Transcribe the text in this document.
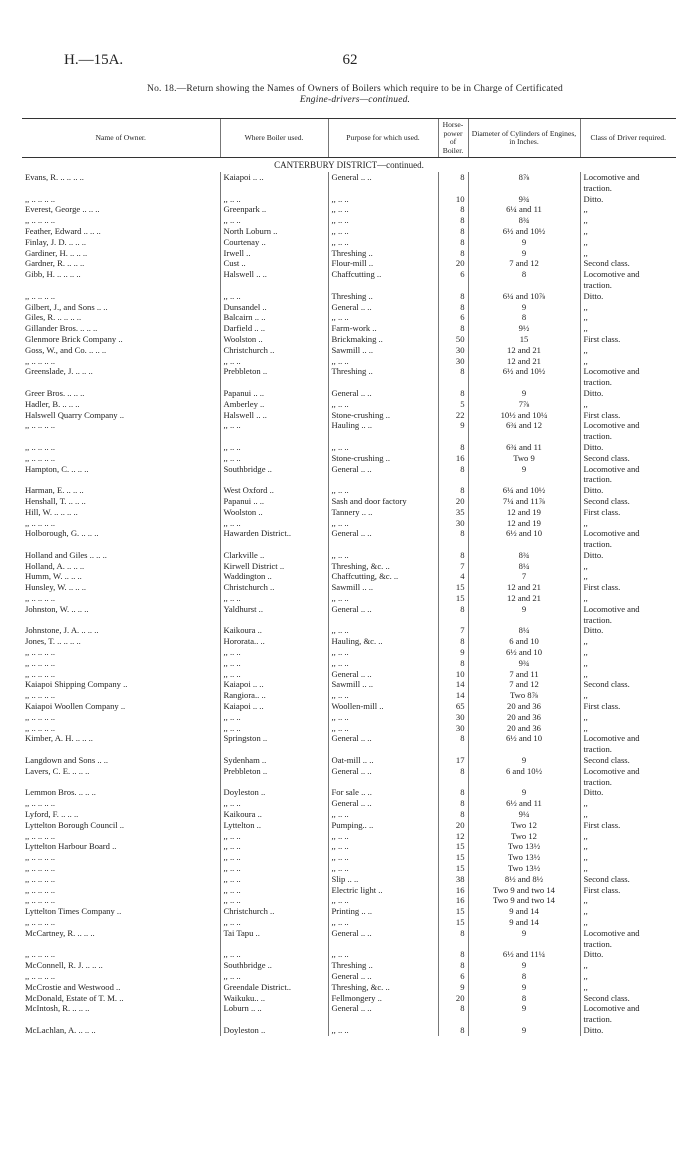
H.—15A.	62
No. 18.—Return showing the Names of Owners of Boilers which require to be in Charge of Certificated
Engine-drivers—continued.
Name of Owner.	Where Boiler used.	Purpose for which used.	Horse-power of Boiler.	Diameter of Cylinders of Engines, in Inches.	Class of Driver required.
CANTERBURY DISTRICT—continued.					
Evans, R. .. .. .. ..	Kaiapoi .. ..	General .. ..	8	8⅞	Locomotive and
					traction.
,, .. .. .. ..	,, .. ..	,, .. ..	10	9¾	Ditto.
Everest, George .. .. ..	Greenpark ..	,, .. ..	8	6¼ and 11	,,
,, .. .. .. ..	,, .. ..	,, .. ..	8	8¾	,,
Feather, Edward .. .. ..	North Loburn ..	,, .. ..	8	6½ and 10½	,,
Finlay, J. D. .. .. ..	Courtenay ..	,, .. ..	8	9	,,
Gardiner, H. .. .. ..	Irwell ..	Threshing ..	8	9	,,
Gardner, R. .. .. ..	Cust ..	Flour-mill ..	20	7 and 12	Second class.
Gibb, H. .. .. .. ..	Halswell .. ..	Chaffcutting ..	6	8	Locomotive and
					traction.
,, .. .. .. ..	,, .. ..	Threshing ..	8	6¼ and 10⅞	Ditto.
Gilbert, J., and Sons .. ..	Dunsandel ..	General .. ..	8	9	,,
Giles, R. .. .. .. ..	Balcairn .. ..	,, .. ..	6	8	,,
Gillander Bros. .. .. ..	Darfield .. ..	Farm-work ..	8	9½	,,
Glenmore Brick Company ..	Woolston ..	Brickmaking ..	50	15	First class.
Goss, W., and Co. .. .. ..	Christchurch ..	Sawmill .. ..	30	12 and 21	,,
,, .. .. .. ..	,, .. ..	,, .. ..	30	12 and 21	,,
Greenslade, J. .. .. ..	Prebbleton ..	Threshing ..	8	6½ and 10½	Locomotive and
					traction.
Greer Bros. .. .. ..	Papanui .. ..	General .. ..	8	9	Ditto.
Hadler, B. .. .. ..	Amberley ..	,, .. ..	5	7⅞	,,
Halswell Quarry Company ..	Halswell .. ..	Stone-crushing ..	22	10½ and 10¼	First class.
,, .. .. .. ..	,, .. ..	Hauling .. ..	9	6¾ and 12	Locomotive and
					traction.
,, .. .. .. ..	,, .. ..	,, .. ..	8	6¾ and 11	Ditto.
,, .. .. .. ..	,, .. ..	Stone-crushing ..	16	Two 9	Second class.
Hampton, C. .. .. ..	Southbridge ..	General .. ..	8	9	Locomotive and
					traction.
Harman, E. .. .. ..	West Oxford ..	,, .. ..	8	6¼ and 10½	Ditto.
Henshall, T. .. .. ..	Papanui .. ..	Sash and door factory	20	7¼ and 11⅞	Second class.
Hill, W. .. .. .. ..	Woolston ..	Tannery .. ..	35	12 and 19	First class.
,, .. .. .. ..	,, .. ..	,, .. ..	30	12 and 19	,,
Holborough, G. .. .. ..	Hawarden District..	General .. ..	8	6½ and 10	Locomotive and
					traction.
Holland and Giles .. .. ..	Clarkville ..	,, .. ..	8	8¾	Ditto.
Holland, A. .. .. ..	Kirwell District ..	Threshing, &c. ..	7	8¼	,,
Humm, W. .. .. ..	Waddington ..	Chaffcutting, &c. ..	4	7	,,
Hunsley, W. .. .. ..	Christchurch ..	Sawmill .. ..	15	12 and 21	First class.
,, .. .. .. ..	,, .. ..	,, .. ..	15	12 and 21	,,
Johnston, W. .. .. ..	Yaldhurst ..	General .. ..	8	9	Locomotive and
					traction.
Johnstone, J. A. .. .. ..	Kaikoura ..	,, .. ..	7	8¼	Ditto.
Jones, T. .. .. .. ..	Hororata.. ..	Hauling, &c. ..	8	6 and 10	,,
,, .. .. .. ..	,, .. ..	,, .. ..	9	6½ and 10	,,
,, .. .. .. ..	,, .. ..	,, .. ..	8	9¾	,,
,, .. .. .. ..	,, .. ..	General .. ..	10	7 and 11	,,
Kaiapoi Shipping Company ..	Kaiapoi .. ..	Sawmill .. ..	14	7 and 12	Second class.
,, .. .. .. ..	Rangiora.. ..	,, .. ..	14	Two 8⅞	,,
Kaiapoi Woollen Company ..	Kaiapoi .. ..	Woollen-mill ..	65	20 and 36	First class.
,, .. .. .. ..	,, .. ..	,, .. ..	30	20 and 36	,,
,, .. .. .. ..	,, .. ..	,, .. ..	30	20 and 36	,,
Kimber, A. H. .. .. ..	Springston ..	General .. ..	8	6½ and 10	Locomotive and
					traction.
Langdown and Sons .. ..	Sydenham ..	Oat-mill .. ..	17	9	Second class.
Lavers, C. E. .. .. ..	Prebbleton ..	General .. ..	8	6 and 10½	Locomotive and
					traction.
Lemmon Bros. .. .. ..	Doyleston ..	For sale .. ..	8	9	Ditto.
,, .. .. .. ..	,, .. ..	General .. ..	8	6½ and 11	,,
Lyford, F. .. .. ..	Kaikoura ..	,, .. ..	8	9¼	,,
Lyttelton Borough Council ..	Lyttelton ..	Pumping.. ..	20	Two 12	First class.
,, .. .. .. ..	,, .. ..	,, .. ..	12	Two 12	,,
Lyttelton Harbour Board ..	,, .. ..	,, .. ..	15	Two 13½	,,
,, .. .. .. ..	,, .. ..	,, .. ..	15	Two 13½	,,
,, .. .. .. ..	,, .. ..	,, .. ..	15	Two 13½	,,
,, .. .. .. ..	,, .. ..	Slip .. ..	38	8½ and 8½	Second class.
,, .. .. .. ..	,, .. ..	Electric light ..	16	Two 9 and two 14	First class.
,, .. .. .. ..	,, .. ..	,, .. ..	16	Two 9 and two 14	,,
Lyttelton Times Company ..	Christchurch ..	Printing .. ..	15	9 and 14	,,
,, .. .. .. ..	,, .. ..	,, .. ..	15	9 and 14	,,
McCartney, R. .. .. ..	Tai Tapu ..	General .. ..	8	9	Locomotive and
					traction.
,, .. .. .. ..	,, .. ..	,, .. ..	8	6½ and 11¼	Ditto.
McConnell, R. J. .. .. ..	Southbridge ..	Threshing ..	8	9	,,
,, .. .. .. ..	,, .. ..	General .. ..	6	8	,,
McCrostie and Westwood ..	Greendale District..	Threshing, &c. ..	9	9	,,
McDonald, Estate of T. M. ..	Waikuku.. ..	Fellmongery ..	20	8	Second class.
McIntosh, R. .. .. ..	Loburn .. ..	General .. ..	8	9	Locomotive and
					traction.
McLachlan, A. .. .. ..	Doyleston ..	,, .. ..	8	9	Ditto.
